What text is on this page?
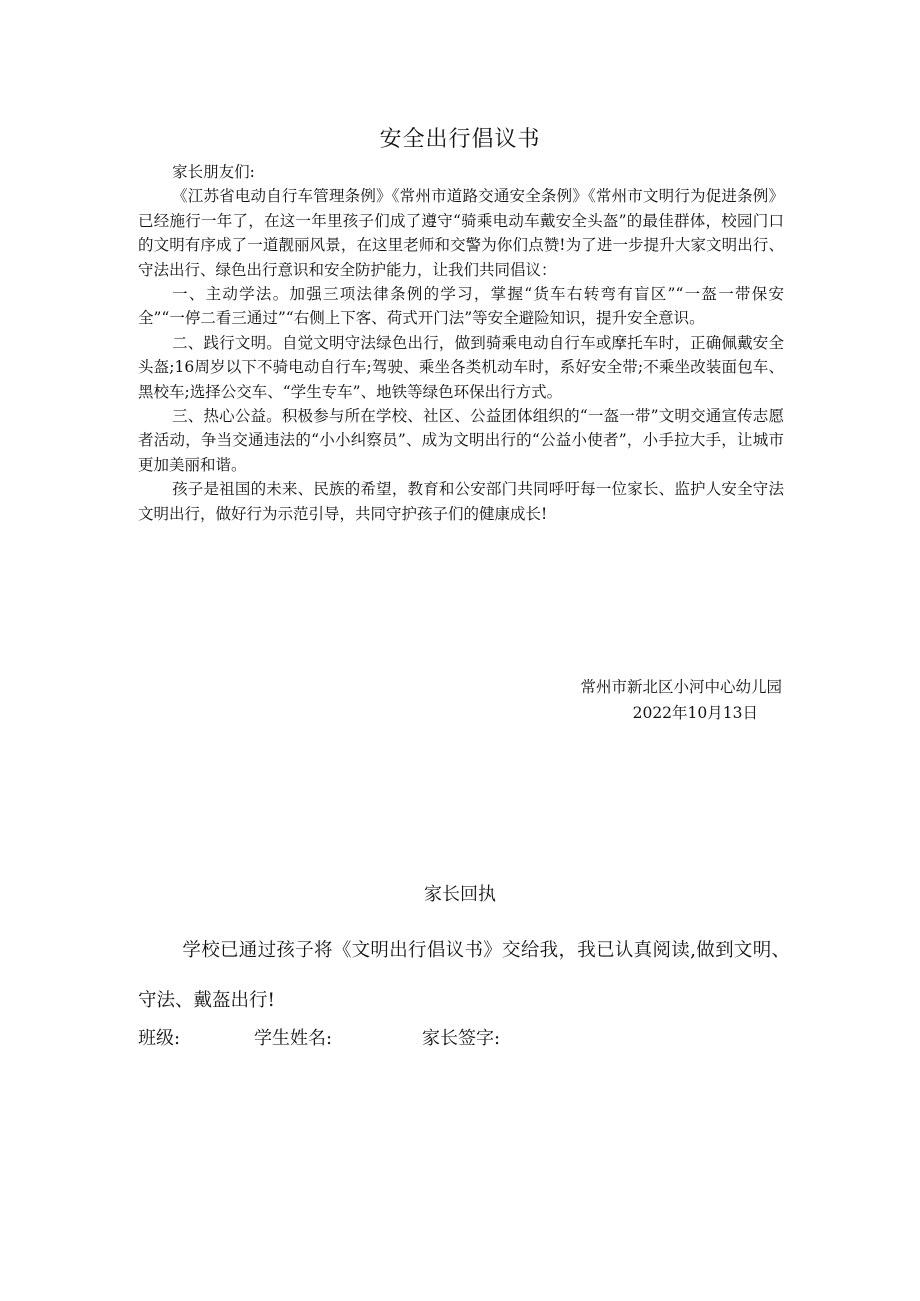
安全出行倡议书

家长朋友们:

《江苏省电动自行车管理条例》《常州市道路交通安全条例》《常州市文明行为促进条例》已经施行一年了，在这一年里孩子们成了遵守“骑乘电动车戴安全头盔”的最佳群体，校园门口的文明有序成了一道靓丽风景，在这里老师和交警为你们点赞!为了进一步提升大家文明出行、守法出行、绿色出行意识和安全防护能力，让我们共同倡议：

一、主动学法。加强三项法律条例的学习，掌握“货车右转弯有盲区”“一盔一带保安全”“一停二看三通过”“右侧上下客、荷式开门法”等安全避险知识，提升安全意识。

二、践行文明。自觉文明守法绿色出行，做到骑乘电动自行车或摩托车时，正确佩戴安全头盔;16周岁以下不骑电动自行车;驾驶、乘坐各类机动车时，系好安全带;不乘坐改装面包车、黑校车;选择公交车、“学生专车”、地铁等绿色环保出行方式。

三、热心公益。积极参与所在学校、社区、公益团体组织的“一盔一带”文明交通宣传志愿者活动，争当交通违法的“小小纠察员”、成为文明出行的“公益小使者”，小手拉大手，让城市更加美丽和谐。

孩子是祖国的未来、民族的希望，教育和公安部门共同呼吁每一位家长、监护人安全守法文明出行，做好行为示范引导，共同守护孩子们的健康成长!

常州市新北区小河中心幼儿园
2022年10月13日
家长回执
学校已通过孩子将《文明出行倡议书》交给我，我已认真阅读,做到文明、守法、戴盔出行!
班级:	学生姓名:	家长签字:
